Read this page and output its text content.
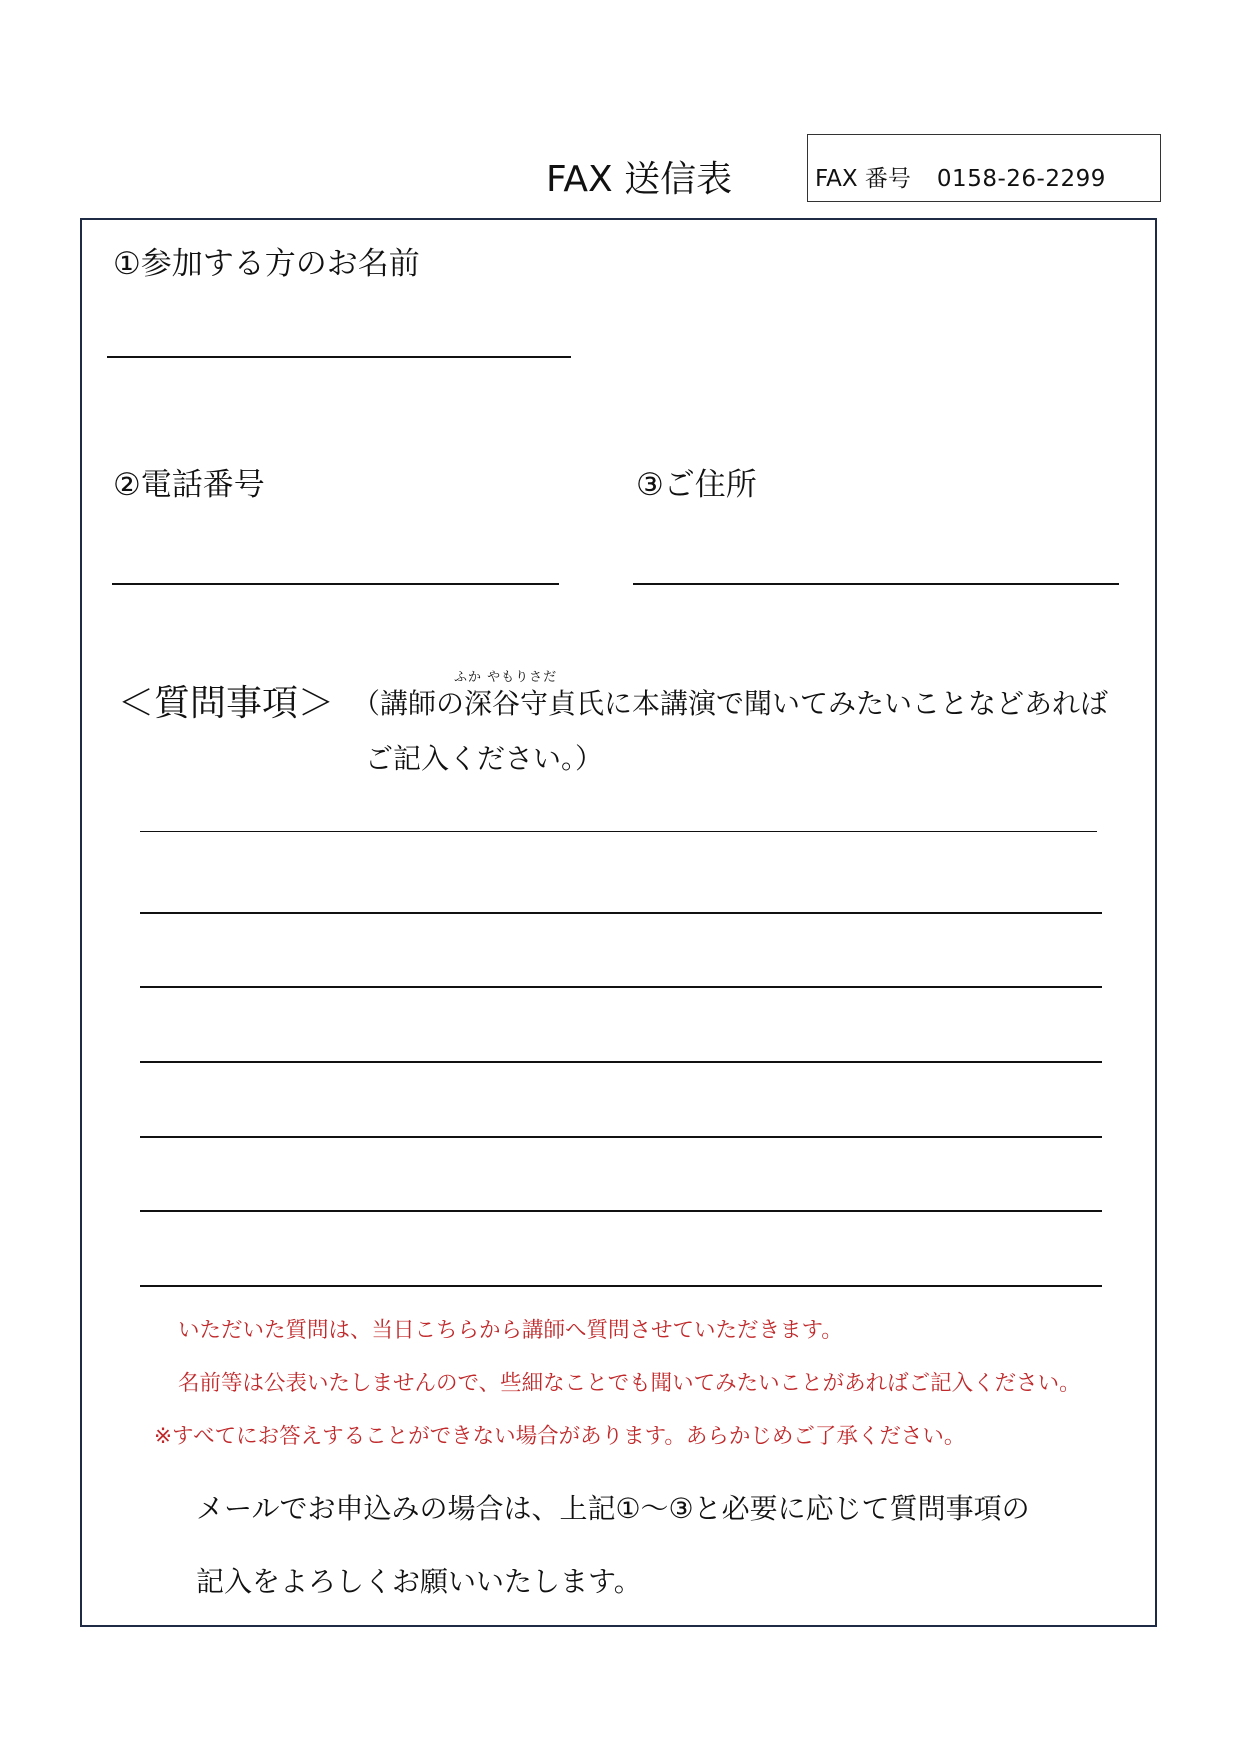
FAX 送信表	FAX 番号 0158-26-2299
①参加する方のお名前
②電話番号	③ご住所
＜質問事項＞
ふか やもりさだ
（講師の深谷守貞氏に本講演で聞いてみたいことなどあれば
ご記入ください。）
いただいた質問は、当日こちらから講師へ質問させていただきます。
名前等は公表いたしませんので、些細なことでも聞いてみたいことがあればご記入ください。
※すべてにお答えすることができない場合があります。あらかじめご了承ください。
メールでお申込みの場合は、上記①～③と必要に応じて質問事項の
記入をよろしくお願いいたします。
